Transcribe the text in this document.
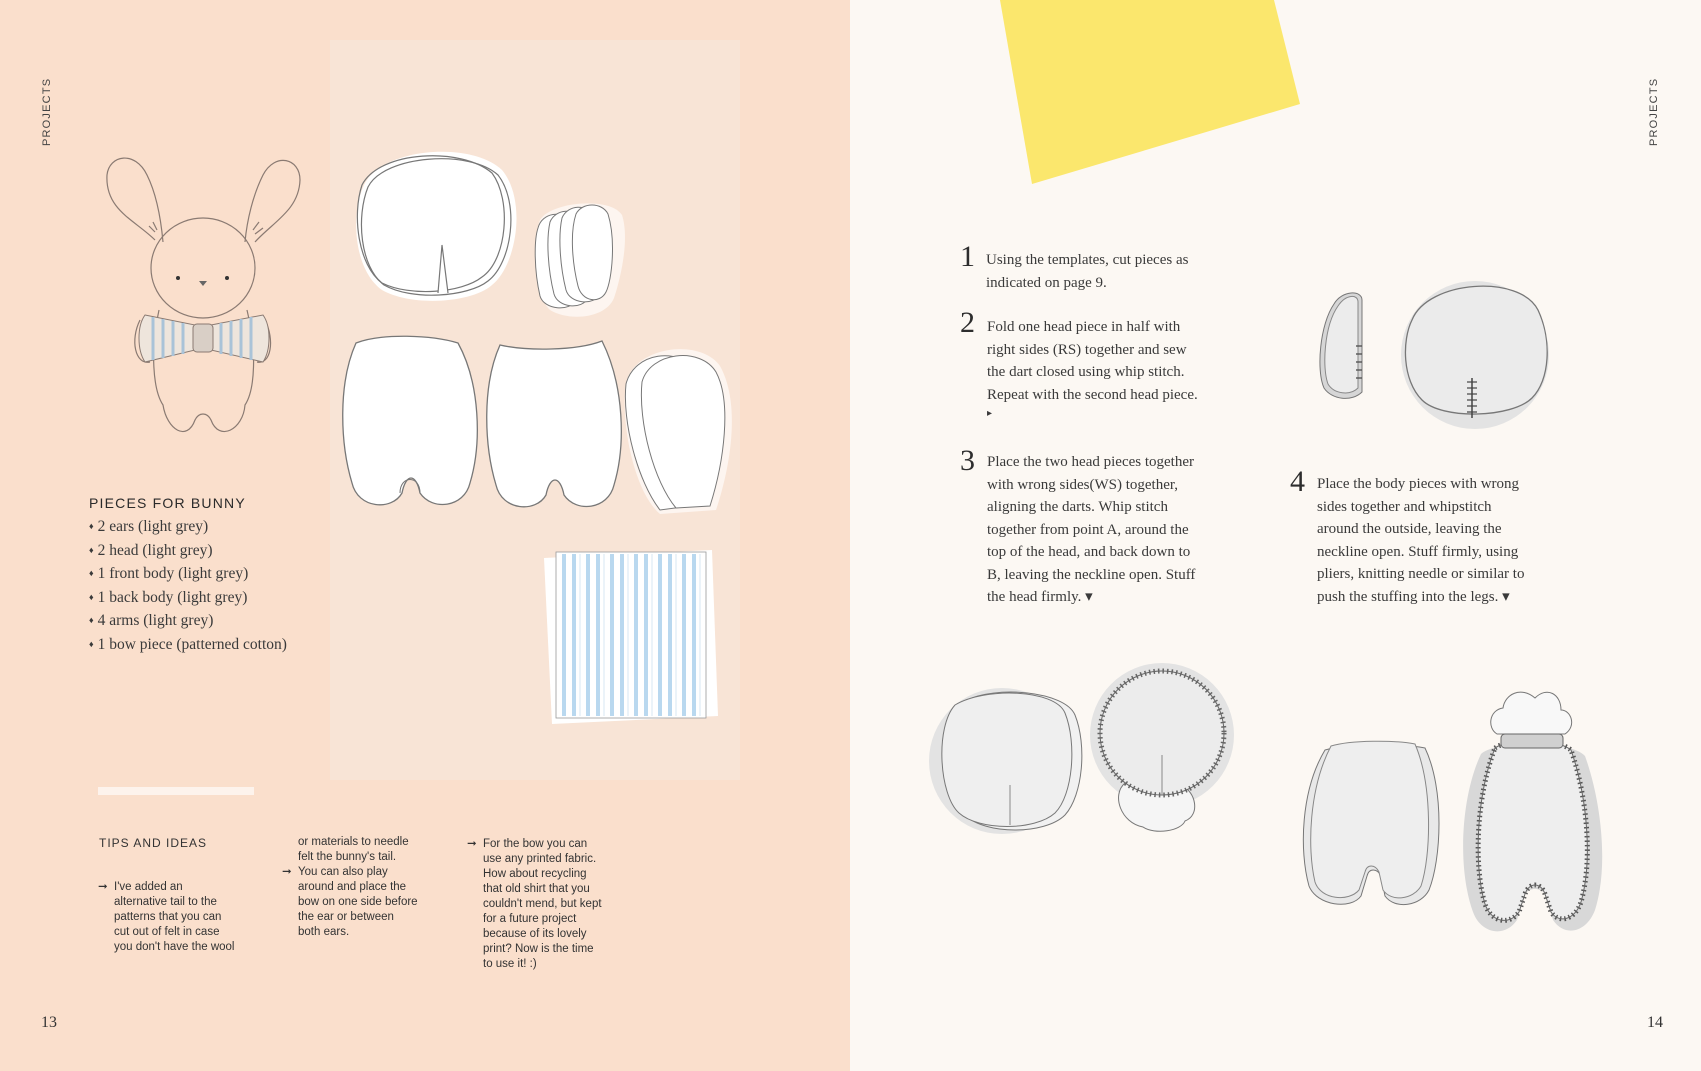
PROJECTS
PIECES FOR BUNNY
♦ 2 ears (light grey)
♦ 2 head (light grey)
♦ 1 front body (light grey)
♦ 1 back body (light grey)
♦ 4 arms (light grey)
♦ 1 bow piece (patterned cotton)
TIPS AND IDEAS
➞ I've added an
alternative tail to the
patterns that you can
cut out of felt in case
you don't have the wool
or materials to needle
felt the bunny's tail.
➞ You can also play
around and place the
bow on one side before
the ear or between
both ears.
➞ For the bow you can
use any printed fabric.
How about recycling
that old shirt that you
couldn't mend, but kept
for a future project
because of its lovely
print? Now is the time
to use it! :)
13
1 Using the templates, cut pieces as
indicated on page 9.
2 Fold one head piece in half with
right sides (RS) together and sew
the dart closed using whip stitch.
Repeat with the second head piece.
▸
3 Place the two head pieces together
with wrong sides(WS) together,
aligning the darts. Whip stitch
together from point A, around the
top of the head, and back down to
B, leaving the neckline open. Stuff
the head firmly. ▾
4 Place the body pieces with wrong
sides together and whipstitch
around the outside, leaving the
neckline open. Stuff firmly, using
pliers, knitting needle or similar to
push the stuffing into the legs. ▾
14
PROJECTS
